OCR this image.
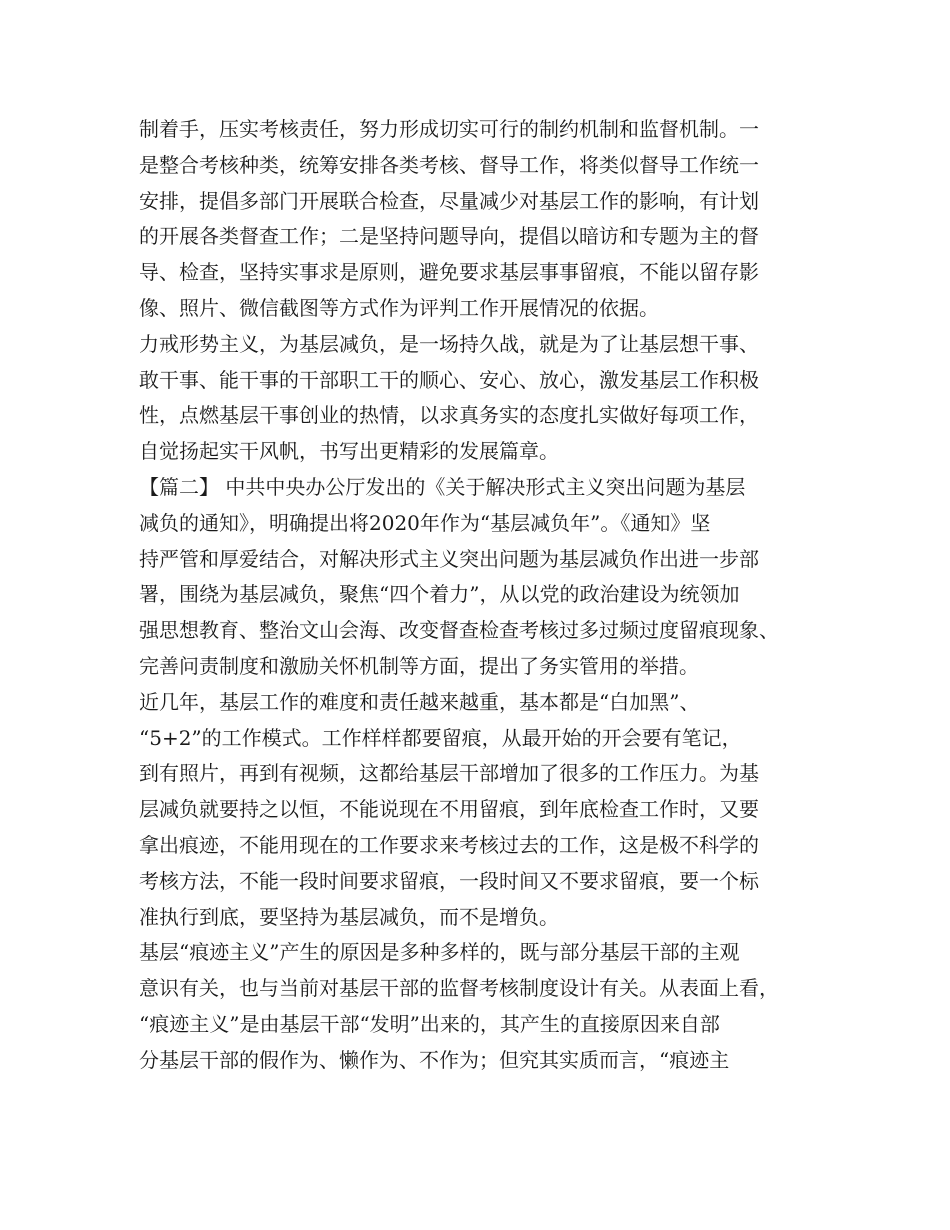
制着手，压实考核责任，努力形成切实可行的制约机制和监督机制。一
是整合考核种类，统筹安排各类考核、督导工作，将类似督导工作统一
安排，提倡多部门开展联合检查，尽量减少对基层工作的影响，有计划
的开展各类督查工作；二是坚持问题导向，提倡以暗访和专题为主的督
导、检查，坚持实事求是原则，避免要求基层事事留痕，不能以留存影
像、照片、微信截图等方式作为评判工作开展情况的依据。
力戒形势主义，为基层减负，是一场持久战，就是为了让基层想干事、
敢干事、能干事的干部职工干的顺心、安心、放心，激发基层工作积极
性，点燃基层干事创业的热情，以求真务实的态度扎实做好每项工作，
自觉扬起实干风帆，书写出更精彩的发展篇章。
【篇二】 中共中央办公厅发出的《关于解决形式主义突出问题为基层
减负的通知》，明确提出将2020年作为“基层减负年”。《通知》坚
持严管和厚爱结合，对解决形式主义突出问题为基层减负作出进一步部
署，围绕为基层减负，聚焦“四个着力”，从以党的政治建设为统领加
强思想教育、整治文山会海、改变督查检查考核过多过频过度留痕现象、
完善问责制度和激励关怀机制等方面，提出了务实管用的举措。
近几年，基层工作的难度和责任越来越重，基本都是“白加黑”、
“5+2”的工作模式。工作样样都要留痕，从最开始的开会要有笔记，
到有照片，再到有视频，这都给基层干部增加了很多的工作压力。为基
层减负就要持之以恒，不能说现在不用留痕，到年底检查工作时，又要
拿出痕迹，不能用现在的工作要求来考核过去的工作，这是极不科学的
考核方法，不能一段时间要求留痕，一段时间又不要求留痕，要一个标
准执行到底，要坚持为基层减负，而不是增负。
基层“痕迹主义”产生的原因是多种多样的，既与部分基层干部的主观
意识有关，也与当前对基层干部的监督考核制度设计有关。从表面上看，
“痕迹主义”是由基层干部“发明”出来的，其产生的直接原因来自部
分基层干部的假作为、懒作为、不作为；但究其实质而言，“痕迹主
